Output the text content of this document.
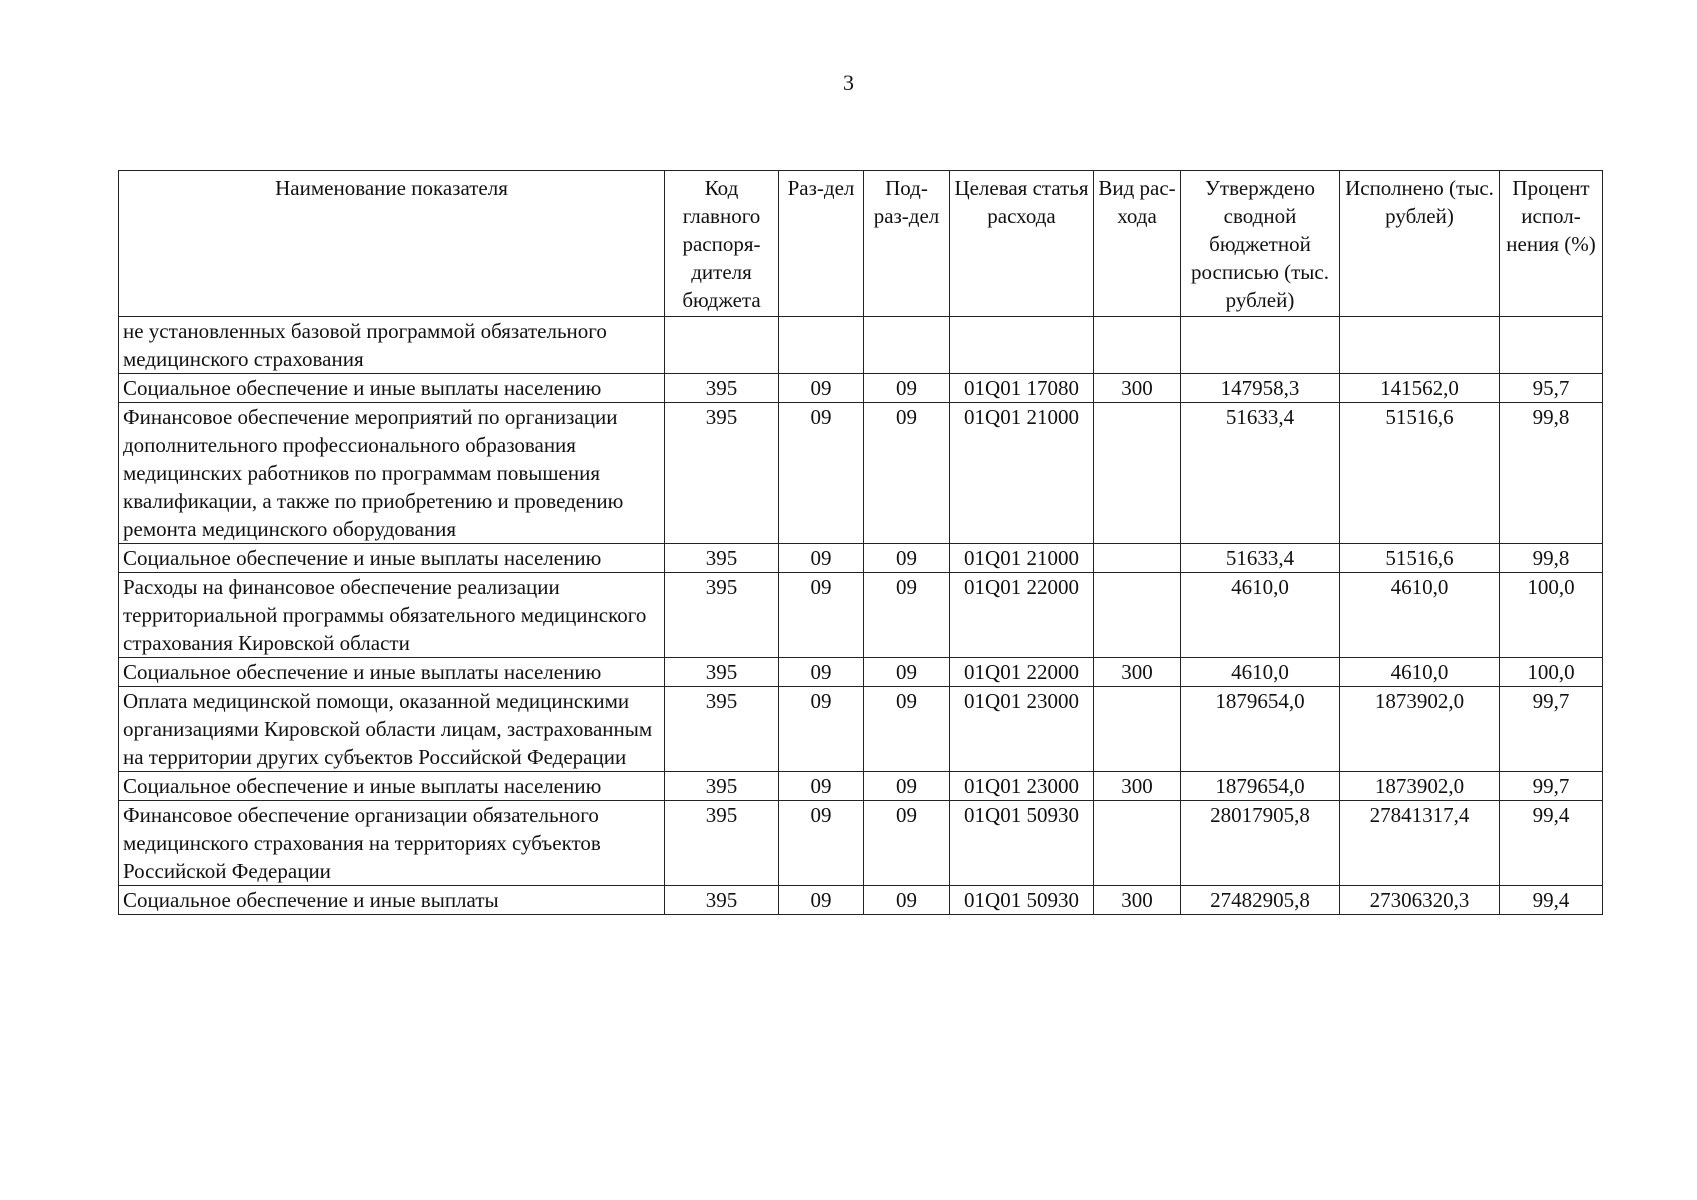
3
Наименование показателя	Код главного распоря-дителя бюджета	Раз-дел	Под-раз-дел	Целевая статья расхода	Вид рас-хода	Утверждено сводной бюджетной росписью (тыс. рублей)	Исполнено (тыс. рублей)	Процент испол-нения (%)
не установленных базовой программой обязательного медицинского страхования								
Социальное обеспечение и иные выплаты населению	395	09	09	01Q01 17080	300	147958,3	141562,0	95,7
Финансовое обеспечение мероприятий по организации дополнительного профессионального образования медицинских работников по программам повышения квалификации, а также по приобретению и проведению ремонта медицинского оборудования	395	09	09	01Q01 21000		51633,4	51516,6	99,8
Социальное обеспечение и иные выплаты населению	395	09	09	01Q01 21000		51633,4	51516,6	99,8
Расходы на финансовое обеспечение реализации территориальной программы обязательного медицинского страхования Кировской области	395	09	09	01Q01 22000		4610,0	4610,0	100,0
Социальное обеспечение и иные выплаты населению	395	09	09	01Q01 22000	300	4610,0	4610,0	100,0
Оплата медицинской помощи, оказанной медицинскими организациями Кировской области лицам, застрахованным на территории других субъектов Российской Федерации	395	09	09	01Q01 23000		1879654,0	1873902,0	99,7
Социальное обеспечение и иные выплаты населению	395	09	09	01Q01 23000	300	1879654,0	1873902,0	99,7
Финансовое обеспечение организации обязательного медицинского страхования на территориях субъектов Российской Федерации	395	09	09	01Q01 50930		28017905,8	27841317,4	99,4
Социальное обеспечение и иные выплаты	395	09	09	01Q01 50930	300	27482905,8	27306320,3	99,4
